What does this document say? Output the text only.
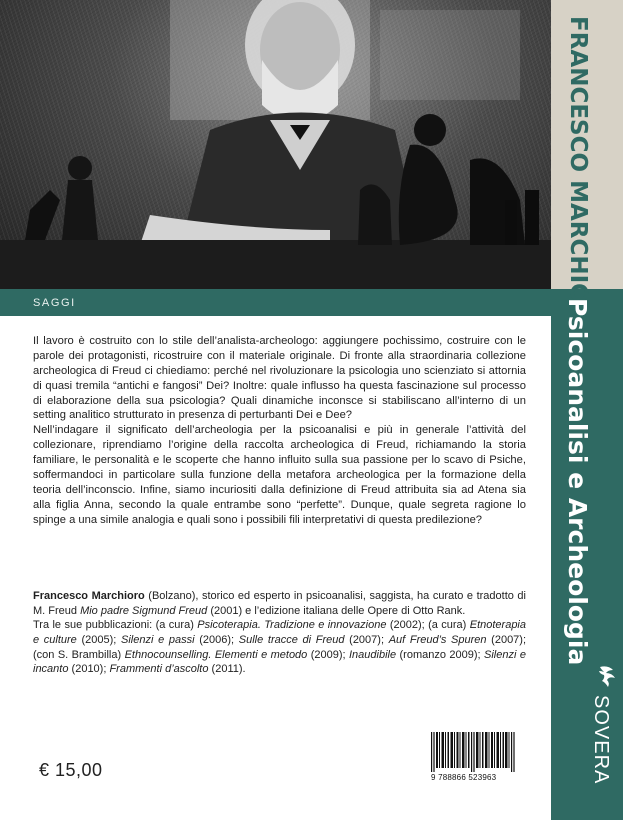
SAGGI

Il lavoro è costruito con lo stile dell’analista-archeologo: aggiungere pochissimo, costruire con le parole dei protagonisti, ricostruire con il materiale originale. Di fronte alla straordinaria collezione archeologica di Freud ci chiediamo: perché nel rivoluzionare la psicologia uno scienziato si attornia di quasi tremila “antichi e fangosi” Dei? Inoltre: quale influsso ha questa fascinazione sul processo di elaborazione della sua psicologia? Quali dinamiche inconsce si stabiliscano all’interno di un setting analitico strutturato in presenza di perturbanti Dei e Dee?

Nell’indagare il significato dell’archeologia per la psicoanalisi e più in generale l’attività del collezionare, riprendiamo l’origine della raccolta archeologica di Freud, richiamando la storia familiare, le personalità e le scoperte che hanno influito sulla sua passione per lo scavo di Psiche, soffermandoci in particolare sulla funzione della metafora archeologica per la formazione della teoria dell’inconscio. Infine, siamo incuriositi dalla definizione di Freud attribuita sia ad Atena sia alla figlia Anna, secondo la quale entrambe sono “perfette”. Dunque, quale segreta ragione lo spinge a una simile analogia e quali sono i possibili fili interpretativi di questa predilezione?

Francesco Marchioro (Bolzano), storico ed esperto in psicoanalisi, saggista, ha curato e tradotto di M. Freud Mio padre Sigmund Freud (2001) e l’edizione italiana delle Opere di Otto Rank.

Tra le sue pubblicazioni: (a cura) Psicoterapia. Tradizione e innovazione (2002); (a cura) Etnoterapia e culture (2005); Silenzi e passi (2006); Sulle tracce di Freud (2007); Auf Freud’s Spuren (2007); (con S. Brambilla) Ethnocounselling. Elementi e metodo (2009); Inaudibile (romanzo 2009); Silenzi e incanto (2010); Frammenti d’ascolto (2011).

€ 15,00	9 788866 523963
FRANCESCO MARCHIORO
Psicoanalisi e Archeologia
SOVERA
